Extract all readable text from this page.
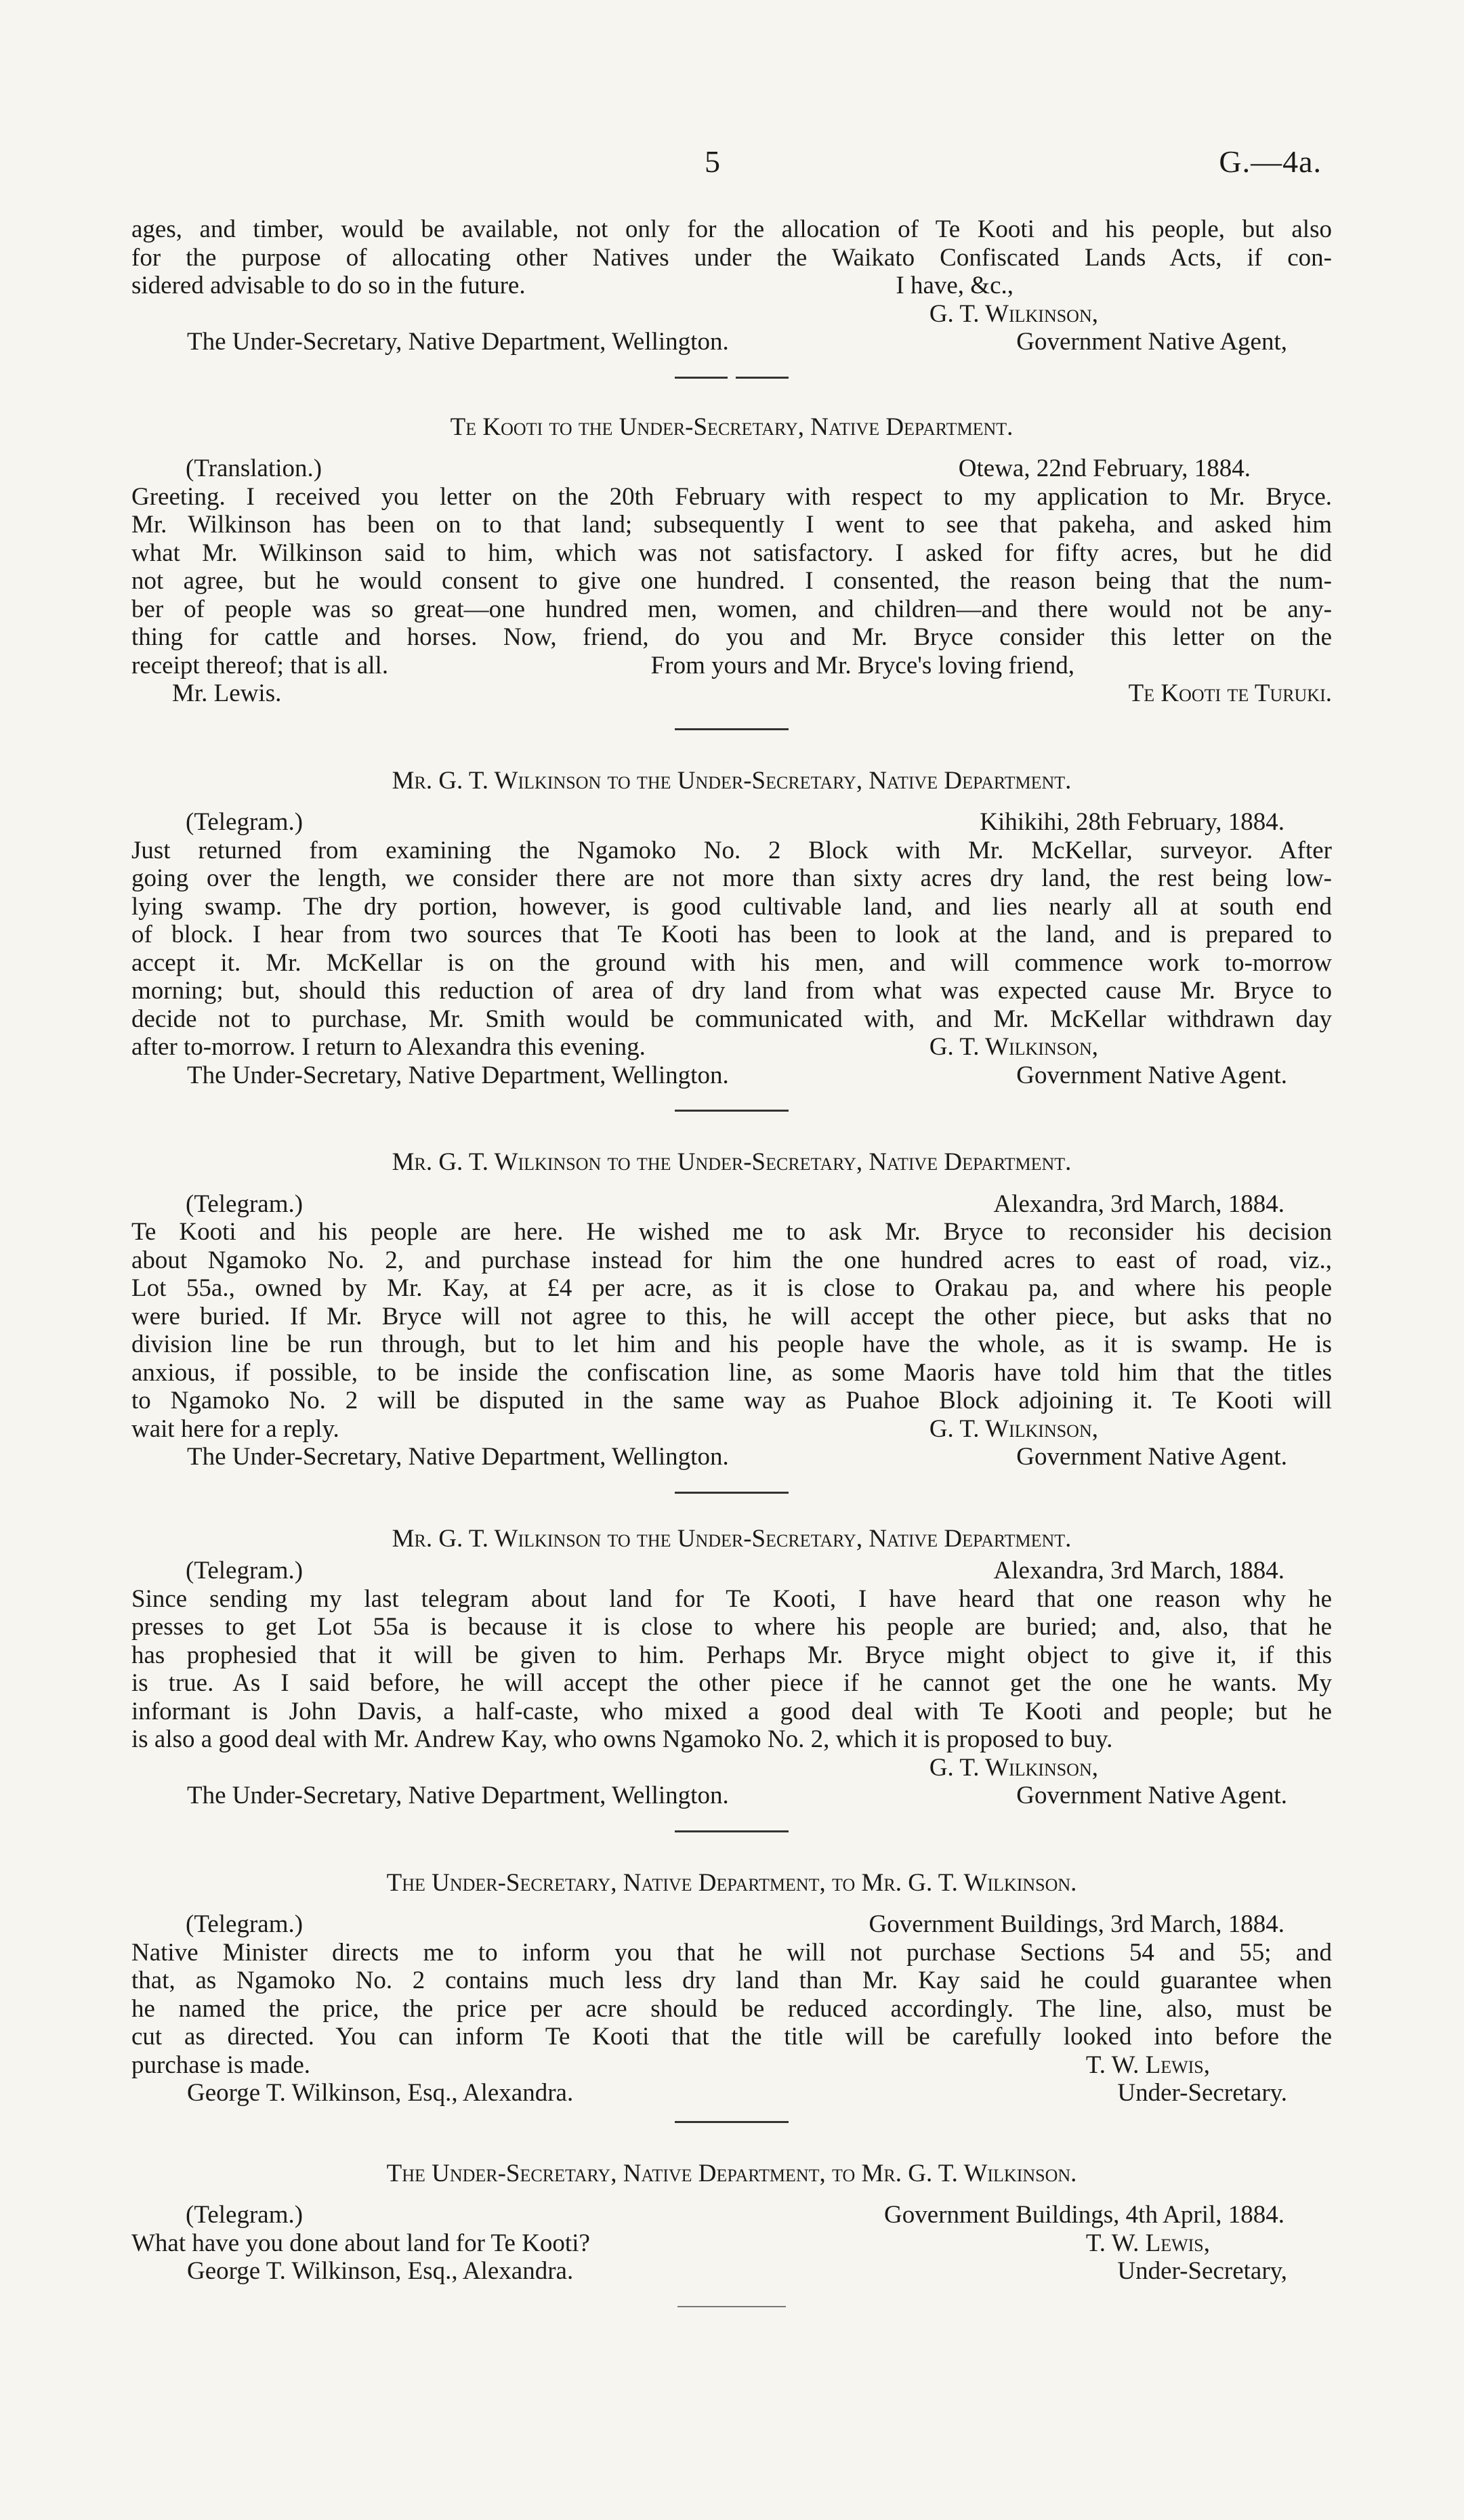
5	G.—4a.
ages, and timber, would be available, not only for the allocation of Te Kooti and his people, but also
for the purpose of allocating other Natives under the Waikato Confiscated Lands Acts, if con-
sidered advisable to do so in the future.	I have, &c.,
G. T. Wilkinson,
The Under-Secretary, Native Department, Wellington.	Government Native Agent,
Te Kooti to the Under-Secretary, Native Department.
(Translation.)	Otewa, 22nd February, 1884.
Greeting. I received you letter on the 20th February with respect to my application to Mr. Bryce.
Mr. Wilkinson has been on to that land; subsequently I went to see that pakeha, and asked him
what Mr. Wilkinson said to him, which was not satisfactory. I asked for fifty acres, but he did
not agree, but he would consent to give one hundred. I consented, the reason being that the num-
ber of people was so great—one hundred men, women, and children—and there would not be any-
thing for cattle and horses. Now, friend, do you and Mr. Bryce consider this letter on the
receipt thereof; that is all.	From yours and Mr. Bryce's loving friend,
Mr. Lewis.	Te Kooti te Turuki.
Mr. G. T. Wilkinson to the Under-Secretary, Native Department.
(Telegram.)	Kihikihi, 28th February, 1884.
Just returned from examining the Ngamoko No. 2 Block with Mr. McKellar, surveyor. After
going over the length, we consider there are not more than sixty acres dry land, the rest being low-
lying swamp. The dry portion, however, is good cultivable land, and lies nearly all at south end
of block. I hear from two sources that Te Kooti has been to look at the land, and is prepared to
accept it. Mr. McKellar is on the ground with his men, and will commence work to-morrow
morning; but, should this reduction of area of dry land from what was expected cause Mr. Bryce to
decide not to purchase, Mr. Smith would be communicated with, and Mr. McKellar withdrawn day
after to-morrow. I return to Alexandra this evening.	G. T. Wilkinson,
The Under-Secretary, Native Department, Wellington.	Government Native Agent.
Mr. G. T. Wilkinson to the Under-Secretary, Native Department.
(Telegram.)	Alexandra, 3rd March, 1884.
Te Kooti and his people are here. He wished me to ask Mr. Bryce to reconsider his decision
about Ngamoko No. 2, and purchase instead for him the one hundred acres to east of road, viz.,
Lot 55a., owned by Mr. Kay, at £4 per acre, as it is close to Orakau pa, and where his people
were buried. If Mr. Bryce will not agree to this, he will accept the other piece, but asks that no
division line be run through, but to let him and his people have the whole, as it is swamp. He is
anxious, if possible, to be inside the confiscation line, as some Maoris have told him that the titles
to Ngamoko No. 2 will be disputed in the same way as Puahoe Block adjoining it. Te Kooti will
wait here for a reply.	G. T. Wilkinson,
The Under-Secretary, Native Department, Wellington.	Government Native Agent.
Mr. G. T. Wilkinson to the Under-Secretary, Native Department.
(Telegram.)	Alexandra, 3rd March, 1884.
Since sending my last telegram about land for Te Kooti, I have heard that one reason why he
presses to get Lot 55a is because it is close to where his people are buried; and, also, that he
has prophesied that it will be given to him. Perhaps Mr. Bryce might object to give it, if this
is true. As I said before, he will accept the other piece if he cannot get the one he wants. My
informant is John Davis, a half-caste, who mixed a good deal with Te Kooti and people; but he
is also a good deal with Mr. Andrew Kay, who owns Ngamoko No. 2, which it is proposed to buy.
G. T. Wilkinson,
The Under-Secretary, Native Department, Wellington.	Government Native Agent.
The Under-Secretary, Native Department, to Mr. G. T. Wilkinson.
(Telegram.)	Government Buildings, 3rd March, 1884.
Native Minister directs me to inform you that he will not purchase Sections 54 and 55; and
that, as Ngamoko No. 2 contains much less dry land than Mr. Kay said he could guarantee when
he named the price, the price per acre should be reduced accordingly. The line, also, must be
cut as directed. You can inform Te Kooti that the title will be carefully looked into before the
purchase is made.	T. W. Lewis,
George T. Wilkinson, Esq., Alexandra.	Under-Secretary.
The Under-Secretary, Native Department, to Mr. G. T. Wilkinson.
(Telegram.)	Government Buildings, 4th April, 1884.
What have you done about land for Te Kooti?	T. W. Lewis,
George T. Wilkinson, Esq., Alexandra.	Under-Secretary,
